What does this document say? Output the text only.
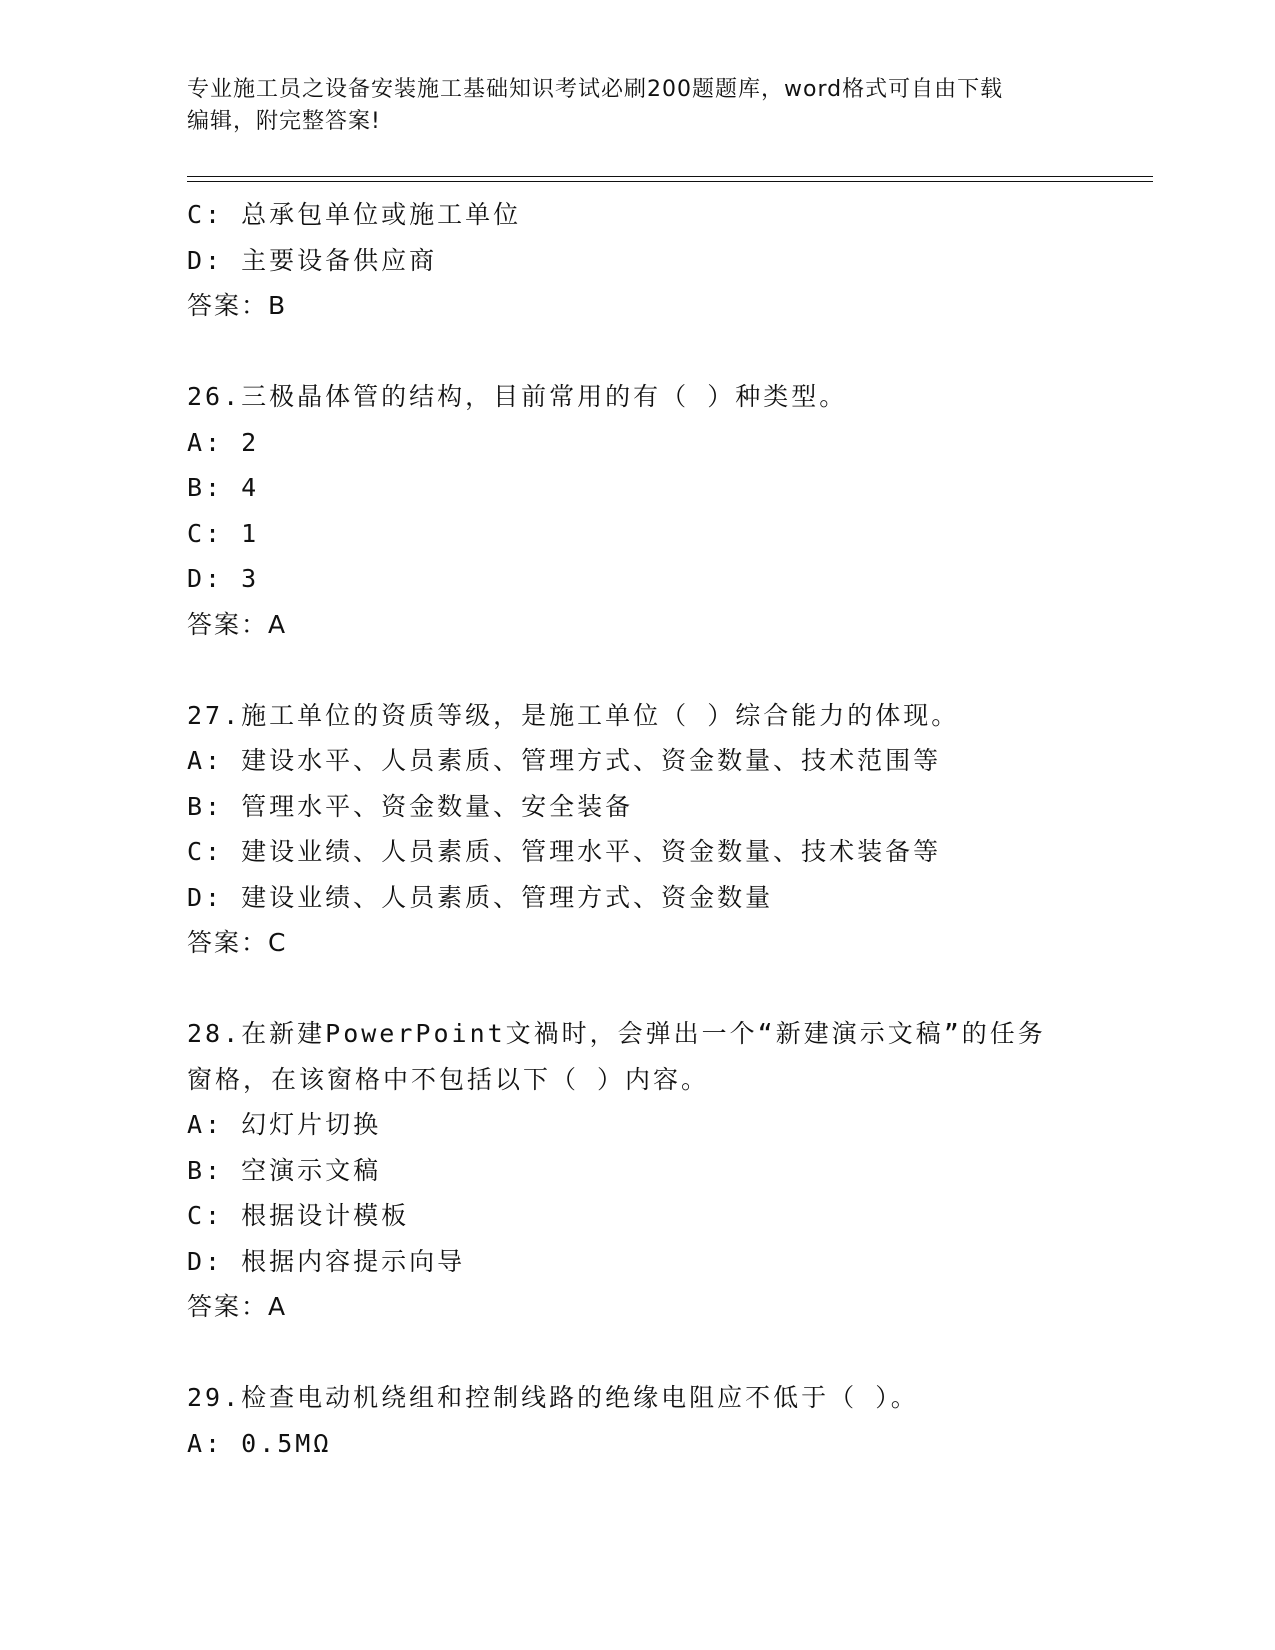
专业施工员之设备安装施工基础知识考试必刷200题题库，word格式可自由下载
编辑，附完整答案!
C: 总承包单位或施工单位
D: 主要设备供应商
答案：B
26.三极晶体管的结构，目前常用的有（ ）种类型。
A: 2
B: 4
C: 1
D: 3
答案：A
27.施工单位的资质等级，是施工单位（ ）综合能力的体现。
A: 建设水平、人员素质、管理方式、资金数量、技术范围等
B: 管理水平、资金数量、安全装备
C: 建设业绩、人员素质、管理水平、资金数量、技术装备等
D: 建设业绩、人员素质、管理方式、资金数量
答案：C
28.在新建PowerPoint文禍时，会弹出一个“新建演示文稿”的任务
窗格，在该窗格中不包括以下（ ）内容。
A: 幻灯片切换
B: 空演示文稿
C: 根据设计模板
D: 根据内容提示向导
答案：A
29.检查电动机绕组和控制线路的绝缘电阻应不低于（ ）。
A: 0.5MΩ
